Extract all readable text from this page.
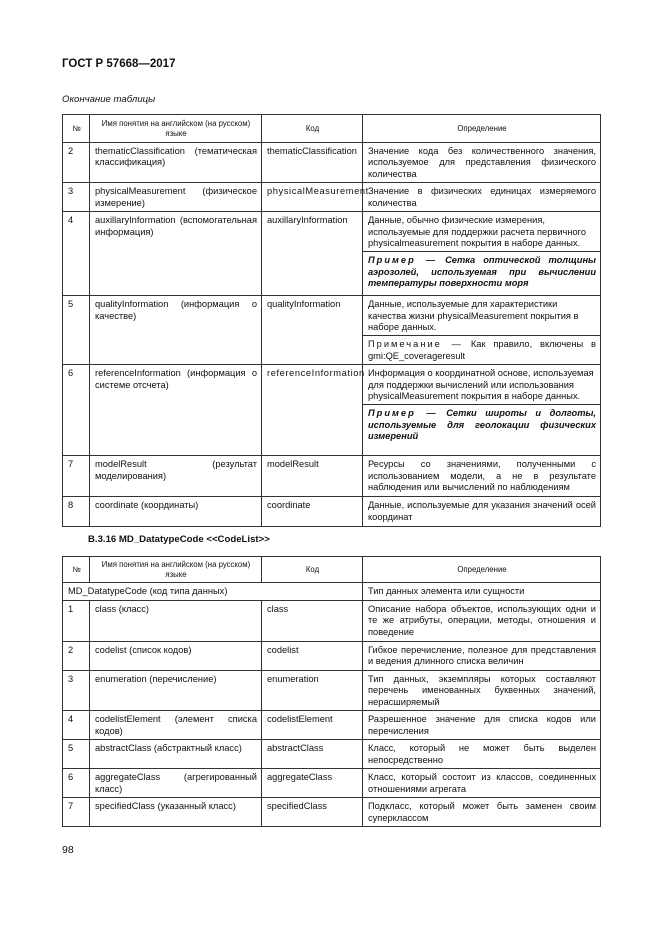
ГОСТ Р 57668—2017
Окончание таблицы
№	Имя понятия на английском (на русском) языке	Код	Определение
2	thematicClassification (тематическая классификация)	thematicClassification	Значение кода без количественного значения, используемое для представления физического количества
3	physicalMeasurement (физическое измерение)	physicalMeasurement	Значение в физических единицах измеряемого количества
4	auxillaryInformation (вспомогательная информация)	auxillaryInformation	Данные, обычно физические измерения, используемые для поддержки расчета первичного physicalmeasurement покрытия в наборе данных.
Пример — Сетка оптической толщины аэрозолей, используемая при вычислении температуры поверхности моря

5	qualityInformation (информация о качестве)	qualityInformation	Данные, используемые для характеристики качества жизни physicalMeasurement покрытия в наборе данных.
Примечание — Как правило, включены в gmi:QE_coverageresult

6	referenceInformation (информация о системе отсчета)	referenceInformation	Информация о координатной основе, используемая для поддержки вычислений или использования physicalMeasurement покрытия в наборе данных.
Пример — Сетки широты и долготы, используемые для геолокации физических измерений

7	modelResult (результат моделирования)	modelResult	Ресурсы со значениями, полученными с использованием модели, а не в результате наблюдения или вычислений по наблюдениям
8	coordinate (координаты)	coordinate	Данные, используемые для указания значений осей координат
B.3.16 MD_DatatypeCode <<CodeList>>
№	Имя понятия на английском (на русском) языке	Код	Определение
MD_DatatypeCode (код типа данных)			Тип данных элемента или сущности
1	class (класс)	class	Описание набора объектов, использующих одни и те же атрибуты, операции, методы, отношения и поведение
2	codelist (список кодов)	codelist	Гибкое перечисление, полезное для представления и ведения длинного списка величин
3	enumeration (перечисление)	enumeration	Тип данных, экземпляры которых составляют перечень именованных буквенных значений, нерасширяемый
4	codelistElement (элемент списка кодов)	codelistElement	Разрешенное значение для списка кодов или перечисления
5	abstractClass (абстрактный класс)	abstractClass	Класс, который не может быть выделен непосредственно
6	aggregateClass (агрегированный класс)	aggregateClass	Класс, который состоит из классов, соединенных отношениями агрегата
7	specifiedClass (указанный класс)	specifiedClass	Подкласс, который может быть заменен своим суперклассом
98
